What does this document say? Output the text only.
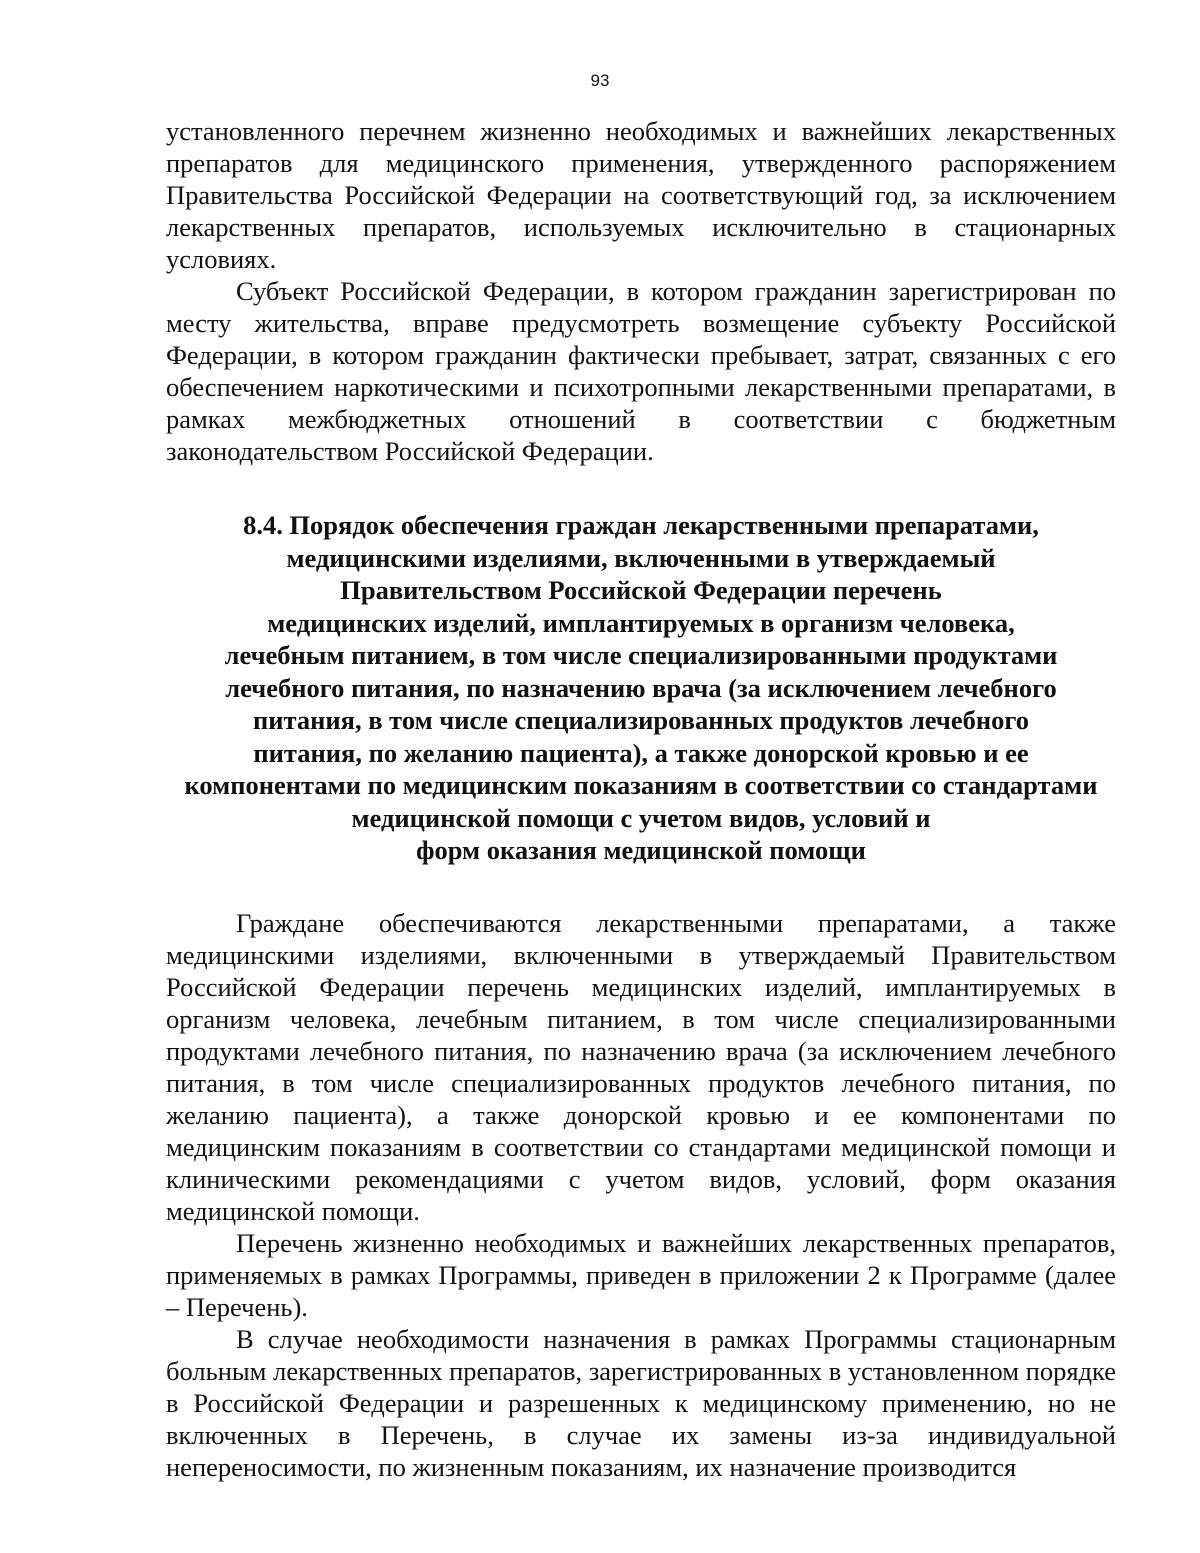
93

установленного перечнем жизненно необходимых и важнейших лекарственных препаратов для медицинского применения, утвержденного распоряжением Правительства Российской Федерации на соответствующий год, за исключением лекарственных препаратов, используемых исключительно в стационарных условиях.

Субъект Российской Федерации, в котором гражданин зарегистрирован по месту жительства, вправе предусмотреть возмещение субъекту Российской Федерации, в котором гражданин фактически пребывает, затрат, связанных с его обеспечением наркотическими и психотропными лекарственными препаратами, в рамках межбюджетных отношений в соответствии с бюджетным законодательством Российской Федерации.

8.4. Порядок обеспечения граждан лекарственными препаратами,
медицинскими изделиями, включенными в утверждаемый
Правительством Российской Федерации перечень
медицинских изделий, имплантируемых в организм человека,
лечебным питанием, в том числе специализированными продуктами
лечебного питания, по назначению врача (за исключением лечебного
питания, в том числе специализированных продуктов лечебного
питания, по желанию пациента), а также донорской кровью и ее
компонентами по медицинским показаниям в соответствии со стандартами
медицинской помощи с учетом видов, условий и
форм оказания медицинской помощи

Граждане обеспечиваются лекарственными препаратами, а также медицинскими изделиями, включенными в утверждаемый Правительством Российской Федерации перечень медицинских изделий, имплантируемых в организм человека, лечебным питанием, в том числе специализированными продуктами лечебного питания, по назначению врача (за исключением лечебного питания, в том числе специализированных продуктов лечебного питания, по желанию пациента), а также донорской кровью и ее компонентами по медицинским показаниям в соответствии со стандартами медицинской помощи и клиническими рекомендациями с учетом видов, условий, форм оказания медицинской помощи.

Перечень жизненно необходимых и важнейших лекарственных препаратов, применяемых в рамках Программы, приведен в приложении 2 к Программе (далее – Перечень).

В случае необходимости назначения в рамках Программы стационарным больным лекарственных препаратов, зарегистрированных в установленном порядке в Российской Федерации и разрешенных к медицинскому применению, но не включенных в Перечень, в случае их замены из-за индивидуальной непереносимости, по жизненным показаниям, их назначение производится
